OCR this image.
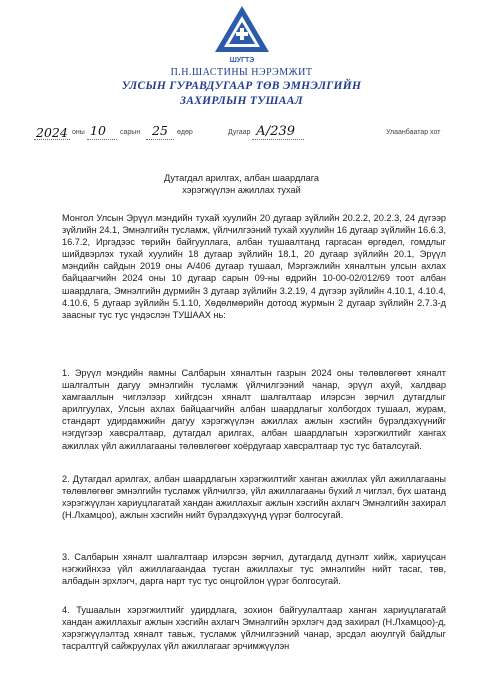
ШУГТЭ
П.Н.ШАСТИНЫ НЭРЭМЖИТ
УЛСЫН ГУРАВДУГААР ТӨВ ЭМНЭЛГИЙН
ЗАХИРЛЫН ТУШААЛ
2024 оны 10 сарын 25 өдөр	Дугаар А/239	Улаанбаатар хот
Дутагдал арилгах, албан шаардлага
хэрэгжүүлэн ажиллах тухай
Монгол Улсын Эрүүл мэндийн тухай хуулийн 20 дугаар зүйлийн 20.2.2, 20.2.3, 24 дүгээр зүйлийн 24.1, Эмнэлгийн тусламж, үйлчилгээний тухай хуулийн 16 дугаар зүйлийн 16.6.3, 16.7.2, Иргэдээс төрийн байгууллага, албан тушаалтанд гаргасан өргөдөл, гомдлыг шийдвэрлэх тухай хуулийн 18 дугаар зүйлийн 18.1, 20 дугаар зүйлийн 20.1, Эрүүл мэндийн сайдын 2019 оны А/406 дугаар тушаал, Мэргэжлийн хяналтын улсын ахлах байцаагчийн 2024 оны 10 дугаар сарын 09-ны өдрийн 10-00-02/012/69 тоот албан шаардлага, Эмнэлгийн дүрмийн 3 дугаар зүйлийн 3.2.19, 4 дүгээр зүйлийн 4.10.1, 4.10.4, 4.10.6, 5 дугаар зүйлийн 5.1.10, Хөдөлмөрийн дотоод журмын 2 дугаар зүйлийн 2.7.3-д заасныг тус тус үндэслэн ТУШААХ нь:
1. Эрүүл мэндийн яамны Салбарын хяналтын газрын 2024 оны төлөвлөгөөт хяналт шалгалтын дагуу эмнэлгийн тусламж үйлчилгээний чанар, эрүүл ахуй, халдвар хамгааллын чиглэлээр хийгдсэн хяналт шалгалтаар илэрсэн зөрчил дутагдлыг арилгуулах, Улсын ахлах байцаагчийн албан шаардлагыг холбогдох тушаал, журам, стандарт удирдамжийн дагуу хэрэгжүүлэн ажиллах ажлын хэсгийн бүрэлдэхүүнийг нэгдүгээр хавсралтаар, дутагдал арилгах, албан шаардлагын хэрэгжилтийг хангах ажиллах үйл ажиллагааны төлөвлөгөөг хоёрдугаар хавсралтаар тус тус баталсугай.
2. Дутагдал арилгах, албан шаардлагын хэрэгжилтийг ханган ажиллах үйл ажиллагааны төлөвлөгөөг эмнэлгийн тусламж үйлчилгээ, үйл ажиллагааны бүхий л чиглэл, бүх шатанд хэрэгжүүлэн хариуцлагатай хандан ажиллахыг ажлын хэсгийн ахлагч Эмнэлгийн захирал (Н.Лхамцоо), ажлын хэсгийн нийт бүрэлдэхүүнд үүрэг болгосугай.
3. Салбарын хяналт шалгалтаар илэрсэн зөрчил, дутагдалд дүгнэлт хийж, хариуцсан нэгжийнхээ үйл ажиллагаандаа тусган ажиллахыг тус эмнэлгийн нийт тасаг, төв, албадын эрхлэгч, дарга нарт тус тус онцгойлон үүрэг болгосугай.
4. Тушаалын хэрэгжилтийг удирдлага, зохион байгуулалтаар ханган хариуцлагатай хандан ажиллахыг ажлын хэсгийн ахлагч Эмнэлгийн эрхлэгч дэд захирал (Н.Лхамцоо)-д, хэрэгжүүлэлтэд хяналт тавьж, тусламж үйлчилгээний чанар, эрсдэл аюулгүй байдлыг тасралтгүй сайжруулах үйл ажиллагааг эрчимжүүлэн
